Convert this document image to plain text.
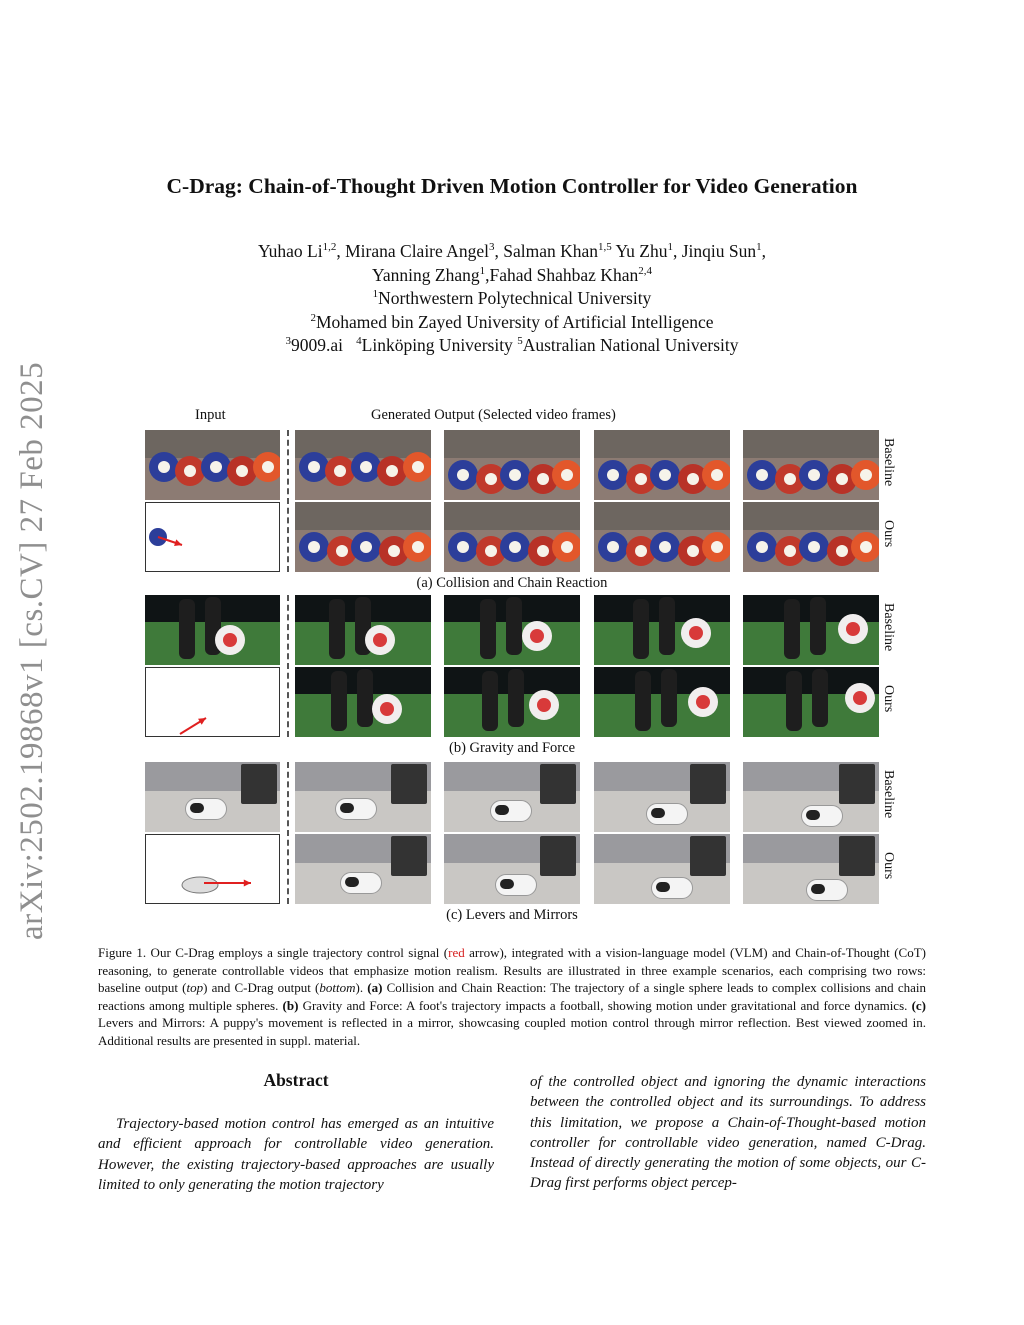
arXiv:2502.19868v1 [cs.CV] 27 Feb 2025
C-Drag: Chain-of-Thought Driven Motion Controller for Video Generation
Yuhao Li$^{1,2}$, Mirana Claire Angel$^3$, Salman Khan$^{1,5}$ Yu Zhu$^1$, Jinqiu Sun$^1$,
Yanning Zhang$^1$,Fahad Shahbaz Khan$^{2,4}$
$^1$Northwestern Polytechnical University
$^2$Mohamed bin Zayed University of Artificial Intelligence
$^3$9009.ai $^4$Linköping University $^5$Australian National University
Input	Generated Output (Selected video frames)
Baseline
Ours
Baseline
Ours
Baseline
Ours
(a) Collision and Chain Reaction
(b) Gravity and Force
(c) Levers and Mirrors

Figure 1. Our C-Drag employs a single trajectory control signal (red arrow), integrated with a vision-language model (VLM) and Chain-of-Thought (CoT) reasoning, to generate controllable videos that emphasize motion realism. Results are illustrated in three example scenarios, each comprising two rows: baseline output (top) and C-Drag output (bottom). (a) Collision and Chain Reaction: The trajectory of a single sphere leads to complex collisions and chain reactions among multiple spheres. (b) Gravity and Force: A foot's trajectory impacts a football, showing motion under gravitational and force dynamics. (c) Levers and Mirrors: A puppy's movement is reflected in a mirror, showcasing coupled motion control through mirror reflection. Best viewed zoomed in. Additional results are presented in suppl. material.

Abstract

Trajectory-based motion control has emerged as an intuitive and efficient approach for controllable video generation. However, the existing trajectory-based approaches are usually limited to only generating the motion trajectory

of the controlled object and ignoring the dynamic interactions between the controlled object and its surroundings. To address this limitation, we propose a Chain-of-Thought-based motion controller for controllable video generation, named C-Drag. Instead of directly generating the motion of some objects, our C-Drag first performs object percep-
